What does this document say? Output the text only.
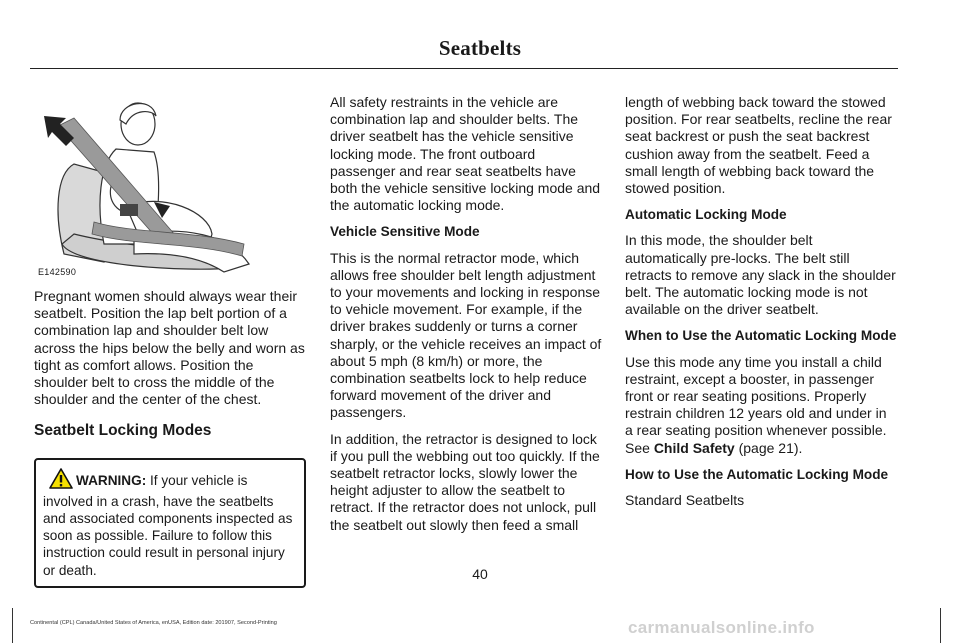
Seatbelts
E142590

Pregnant women should always wear their seatbelt. Position the lap belt portion of a combination lap and shoulder belt low across the hips below the belly and worn as tight as comfort allows. Position the shoulder belt to cross the middle of the shoulder and the center of the chest.

Seatbelt Locking Modes
WARNING: If your vehicle is involved in a crash, have the seatbelts and associated components inspected as soon as possible. Failure to follow this instruction could result in personal injury or death.

All safety restraints in the vehicle are combination lap and shoulder belts. The driver seatbelt has the vehicle sensitive locking mode. The front outboard passenger and rear seat seatbelts have both the vehicle sensitive locking mode and the automatic locking mode.

Vehicle Sensitive Mode

This is the normal retractor mode, which allows free shoulder belt length adjustment to your movements and locking in response to vehicle movement. For example, if the driver brakes suddenly or turns a corner sharply, or the vehicle receives an impact of about 5 mph (8 km/h) or more, the combination seatbelts lock to help reduce forward movement of the driver and passengers.

In addition, the retractor is designed to lock if you pull the webbing out too quickly. If the seatbelt retractor locks, slowly lower the height adjuster to allow the seatbelt to retract. If the retractor does not unlock, pull the seatbelt out slowly then feed a small

length of webbing back toward the stowed position. For rear seatbelts, recline the rear seat backrest or push the seat backrest cushion away from the seatbelt. Feed a small length of webbing back toward the stowed position.

Automatic Locking Mode

In this mode, the shoulder belt automatically pre-locks. The belt still retracts to remove any slack in the shoulder belt. The automatic locking mode is not available on the driver seatbelt.

When to Use the Automatic Locking Mode

Use this mode any time you install a child restraint, except a booster, in passenger front or rear seating positions. Properly restrain children 12 years old and under in a rear seating position whenever possible. See Child Safety (page 21).

How to Use the Automatic Locking Mode

Standard Seatbelts

40
Continental (CPL) Canada/United States of America, enUSA, Edition date: 201907, Second-Printing	carmanualsonline.info
